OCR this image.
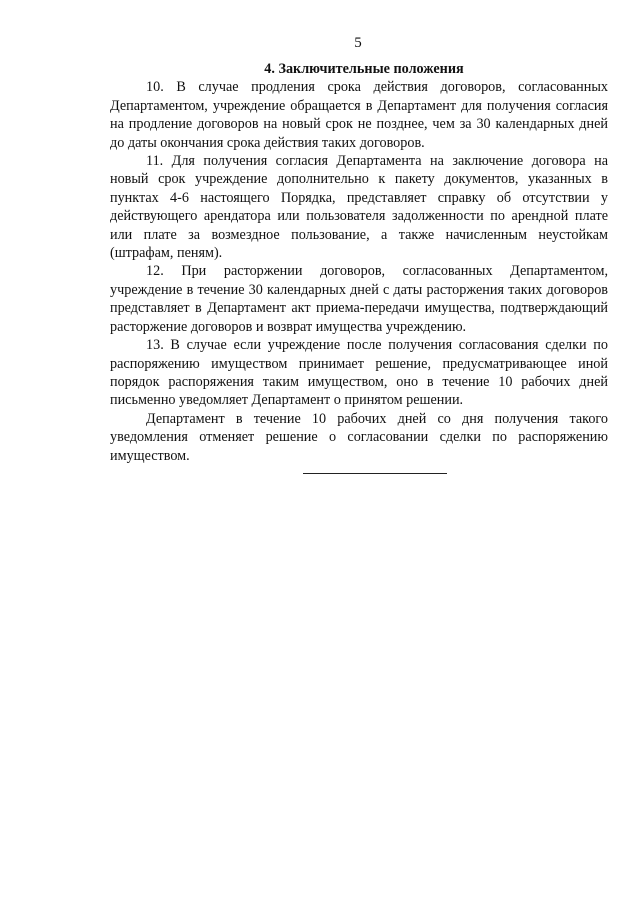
5
4. Заключительные положения

10. В случае продления срока действия договоров, согласованных Департаментом, учреждение обращается в Департамент для получения согласия на продление договоров на новый срок не позднее, чем за 30 календарных дней до даты окончания срока действия таких договоров.

11. Для получения согласия Департамента на заключение договора на новый срок учреждение дополнительно к пакету документов, указанных в пунктах 4-6 настоящего Порядка, представляет справку об отсутствии у действующего арендатора или пользователя задолженности по арендной плате или плате за возмездное пользование, а также начисленным неустойкам (штрафам, пеням).

12. При расторжении договоров, согласованных Департаментом, учреждение в течение 30 календарных дней с даты расторжения таких договоров представляет в Департамент акт приема-передачи имущества, подтверждающий расторжение договоров и возврат имущества учреждению.

13. В случае если учреждение после получения согласования сделки по распоряжению имуществом принимает решение, предусматривающее иной порядок распоряжения таким имуществом, оно в течение 10 рабочих дней письменно уведомляет Департамент о принятом решении.

Департамент в течение 10 рабочих дней со дня получения такого уведомления отменяет решение о согласовании сделки по распоряжению имуществом.
